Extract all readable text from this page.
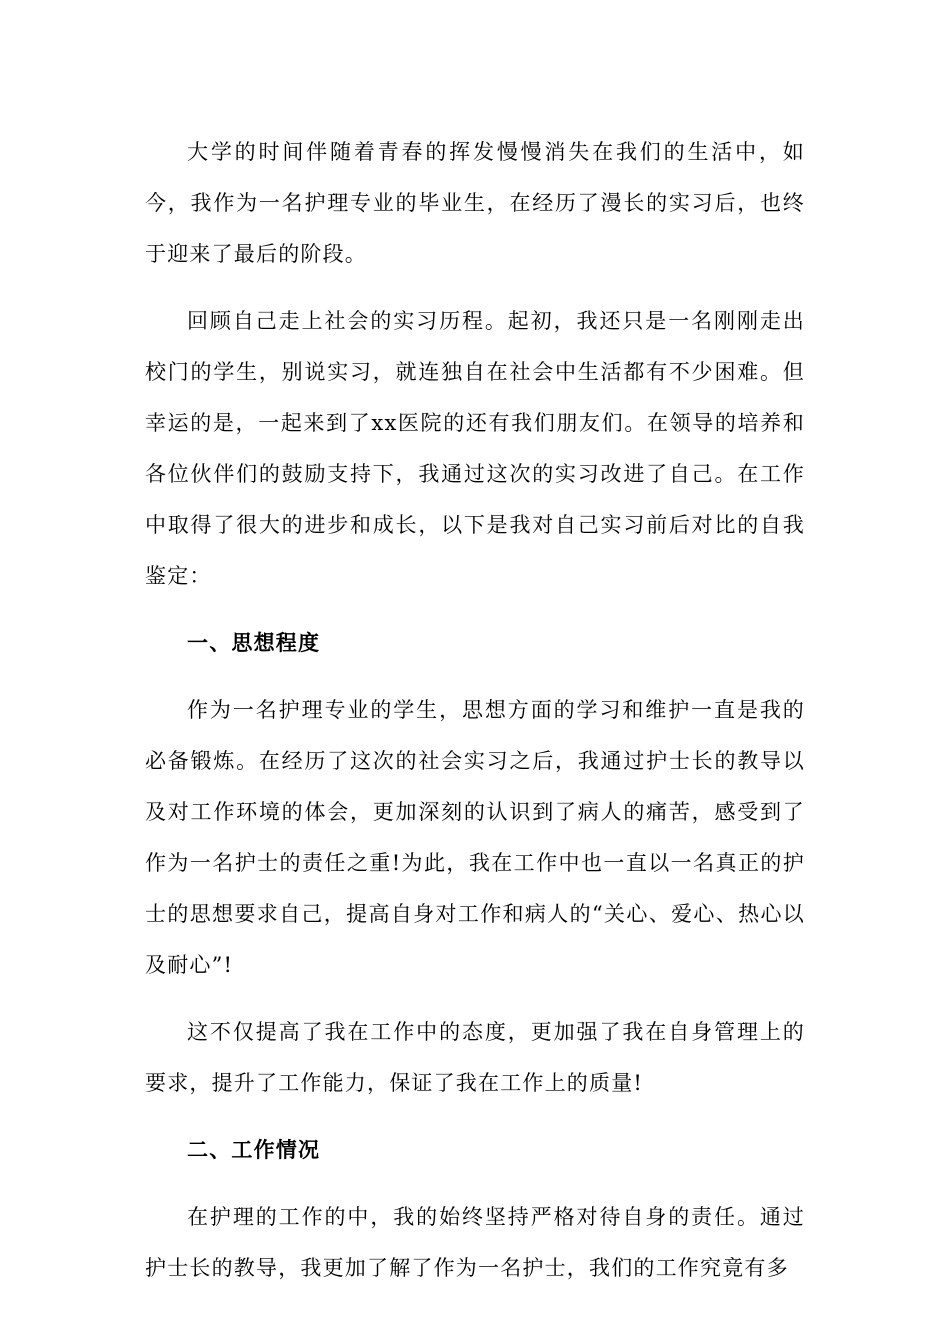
大学的时间伴随着青春的挥发慢慢消失在我们的生活中，如今，我作为一名护理专业的毕业生，在经历了漫长的实习后，也终于迎来了最后的阶段。

回顾自己走上社会的实习历程。起初，我还只是一名刚刚走出校门的学生，别说实习，就连独自在社会中生活都有不少困难。但幸运的是，一起来到了xx医院的还有我们朋友们。在领导的培养和各位伙伴们的鼓励支持下，我通过这次的实习改进了自己。在工作中取得了很大的进步和成长，以下是我对自己实习前后对比的自我鉴定：

一、思想程度

作为一名护理专业的学生，思想方面的学习和维护一直是我的必备锻炼。在经历了这次的社会实习之后，我通过护士长的教导以及对工作环境的体会，更加深刻的认识到了病人的痛苦，感受到了作为一名护士的责任之重!为此，我在工作中也一直以一名真正的护士的思想要求自己，提高自身对工作和病人的“关心、爱心、热心以及耐心”!

这不仅提高了我在工作中的态度，更加强了我在自身管理上的要求，提升了工作能力，保证了我在工作上的质量!

二、工作情况

在护理的工作的中，我的始终坚持严格对待自身的责任。通过护士长的教导，我更加了解了作为一名护士，我们的工作究竟有多
